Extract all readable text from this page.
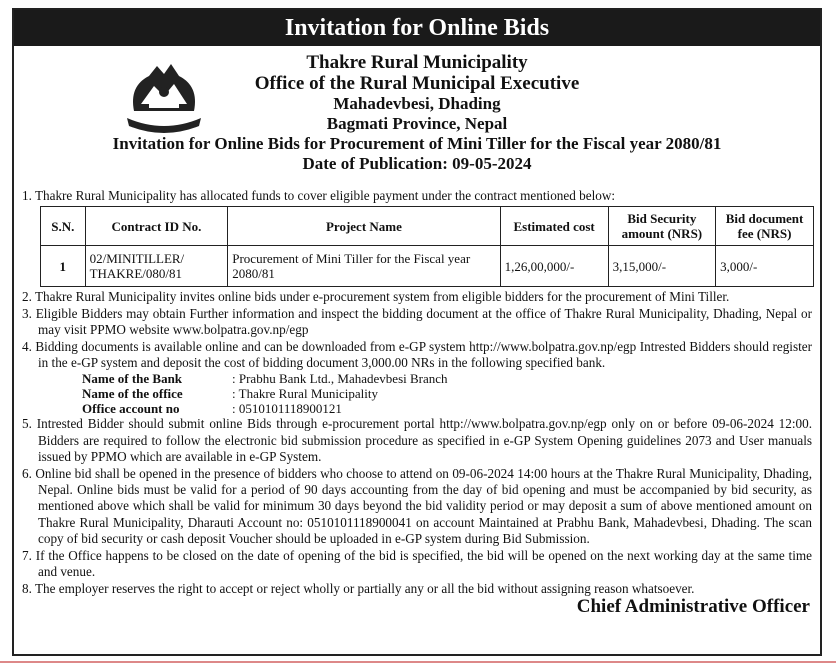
Invitation for Online Bids
Thakre Rural Municipality
Office of the Rural Municipal Executive
Mahadevbesi, Dhading
Bagmati Province, Nepal
Invitation for Online Bids for Procurement of Mini Tiller for the Fiscal year 2080/81
Date of Publication: 09-05-2024

1. Thakre Rural Municipality has allocated funds to cover eligible payment under the contract mentioned below:

S.N.	Contract ID No.	Project Name	Estimated cost	Bid Security amount (NRS)	Bid document fee (NRS)
1	02/MINITILLER/ THAKRE/080/81	Procurement of Mini Tiller for the Fiscal year 2080/81	1,26,00,000/-	3,15,000/-	3,000/-

2. Thakre Rural Municipality invites online bids under e-procurement system from eligible bidders for the procurement of Mini Tiller.

3. Eligible Bidders may obtain Further information and inspect the bidding document at the office of Thakre Rural Municipality, Dhading, Nepal or may visit PPMO website www.bolpatra.gov.np/egp

4. Bidding documents is available online and can be downloaded from e-GP system http://www.bolpatra.gov.np/egp Intrested Bidders should register in the e-GP system and deposit the cost of bidding document 3,000.00 NRs in the following specified bank.

Name of the Bank	: Prabhu Bank Ltd., Mahadevbesi Branch
Name of the office	: Thakre Rural Municipality
Office account no	: 0510101118900121

5. Intrested Bidder should submit online Bids through e-procurement portal http://www.bolpatra.gov.np/egp only on or before 09-06-2024 12:00. Bidders are required to follow the electronic bid submission procedure as specified in e-GP System Opening guidelines 2073 and User manuals issued by PPMO which are available in e-GP System.

6. Online bid shall be opened in the presence of bidders who choose to attend on 09-06-2024 14:00 hours at the Thakre Rural Municipality, Dhading, Nepal. Online bids must be valid for a period of 90 days accounting from the day of bid opening and must be accompanied by bid security, as mentioned above which shall be valid for minimum 30 days beyond the bid validity period or may deposit a sum of above mentioned amount on Thakre Rural Municipality, Dharauti Account no: 0510101118900041 on account Maintained at Prabhu Bank, Mahadevbesi, Dhading. The scan copy of bid security or cash deposit Voucher should be uploaded in e-GP system during Bid Submission.

7. If the Office happens to be closed on the date of opening of the bid is specified, the bid will be opened on the next working day at the same time and venue.

8. The employer reserves the right to accept or reject wholly or partially any or all the bid without assigning reason whatsoever.

Chief Administrative Officer
